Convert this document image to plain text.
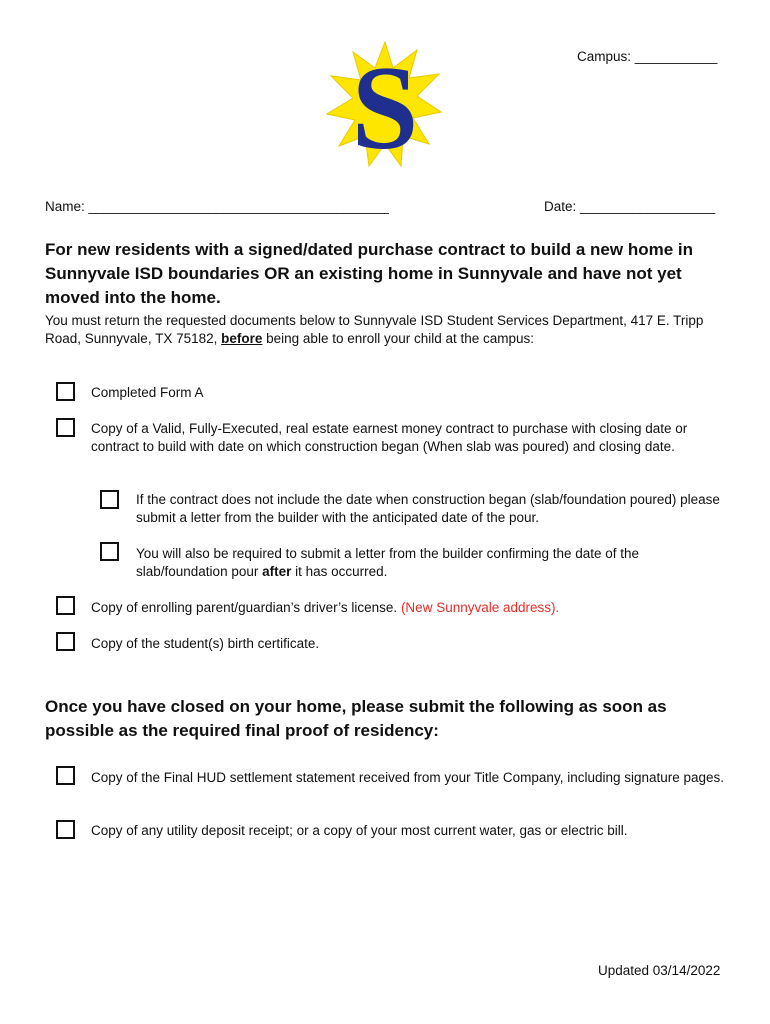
S	Campus: ___________
Name: ________________________________________	Date: __________________
For new residents with a signed/dated purchase contract to build a new home in Sunnyvale ISD boundaries OR an existing home in Sunnyvale and have not yet moved into the home.
You must return the requested documents below to Sunnyvale ISD Student Services Department, 417 E. Tripp Road, Sunnyvale, TX 75182, before being able to enroll your child at the campus:
Completed Form A
Copy of a Valid, Fully-Executed, real estate earnest money contract to purchase with closing date or contract to build with date on which construction began (When slab was poured) and closing date.
If the contract does not include the date when construction began (slab/foundation poured) please submit a letter from the builder with the anticipated date of the pour.
You will also be required to submit a letter from the builder confirming the date of the slab/foundation pour after it has occurred.
Copy of enrolling parent/guardian’s driver’s license. (New Sunnyvale address).
Copy of the student(s) birth certificate.
Once you have closed on your home, please submit the following as soon as possible as the required final proof of residency:
Copy of the Final HUD settlement statement received from your Title Company, including signature pages.
Copy of any utility deposit receipt; or a copy of your most current water, gas or electric bill.
Updated 03/14/2022
